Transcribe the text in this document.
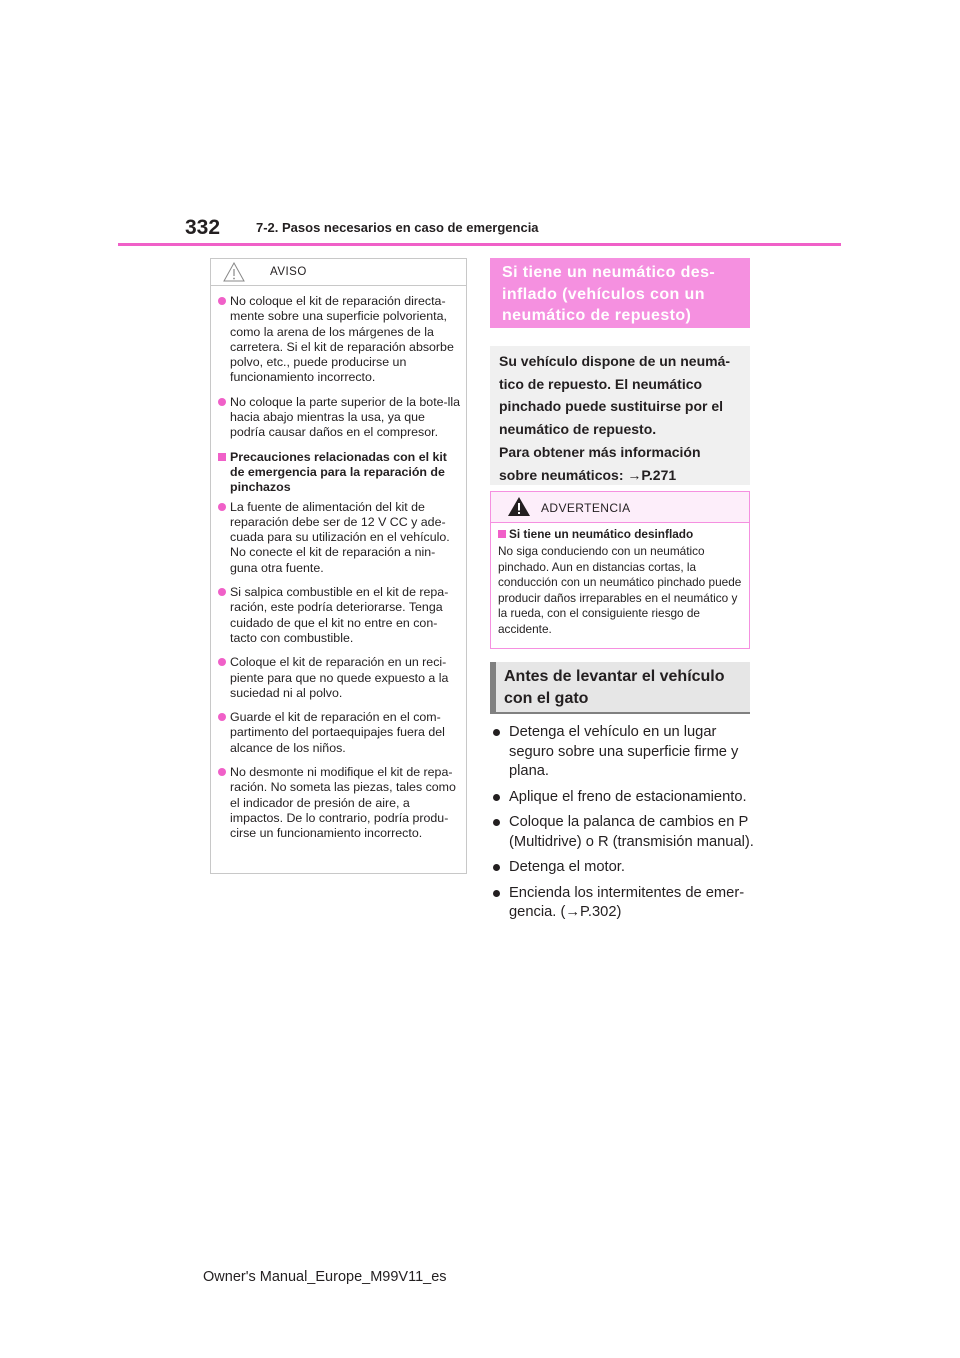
332	7-2. Pasos necesarios en caso de emergencia
AVISO
No coloque el kit de reparación directa-mente sobre una superficie polvorienta, como la arena de los márgenes de la carretera. Si el kit de reparación absorbe polvo, etc., puede producirse un funcionamiento incorrecto.
No coloque la parte superior de la bote-lla hacia abajo mientras la usa, ya que podría causar daños en el compresor.
Precauciones relacionadas con el kit de emergencia para la reparación de pinchazos
La fuente de alimentación del kit de reparación debe ser de 12 V CC y ade-cuada para su utilización en el vehículo. No conecte el kit de reparación a nin-guna otra fuente.
Si salpica combustible en el kit de repa-ración, este podría deteriorarse. Tenga cuidado de que el kit no entre en con-tacto con combustible.
Coloque el kit de reparación en un reci-piente para que no quede expuesto a la suciedad ni al polvo.
Guarde el kit de reparación en el com-partimento del portaequipajes fuera del alcance de los niños.
No desmonte ni modifique el kit de repa-ración. No someta las piezas, tales como el indicador de presión de aire, a impactos. De lo contrario, podría produ-cirse un funcionamiento incorrecto.
Si tiene un neumático des-
inflado (vehículos con un
neumático de repuesto)
Su vehículo dispone de un neumá-
tico de repuesto. El neumático
pinchado puede sustituirse por el
neumático de repuesto.
Para obtener más información
sobre neumáticos: →P.271
ADVERTENCIA
Si tiene un neumático desinflado
No siga conduciendo con un neumático pinchado. Aun en distancias cortas, la conducción con un neumático pinchado puede producir daños irreparables en el neumático y la rueda, con el consiguiente riesgo de accidente.
Antes de levantar el vehículo
con el gato
Detenga el vehículo en un lugar seguro sobre una superficie firme y plana.
Aplique el freno de estacionamiento.
Coloque la palanca de cambios en P (Multidrive) o R (transmisión manual).
Detenga el motor.
Encienda los intermitentes de emer-gencia. (→P.302)
Owner's Manual_Europe_M99V11_es
